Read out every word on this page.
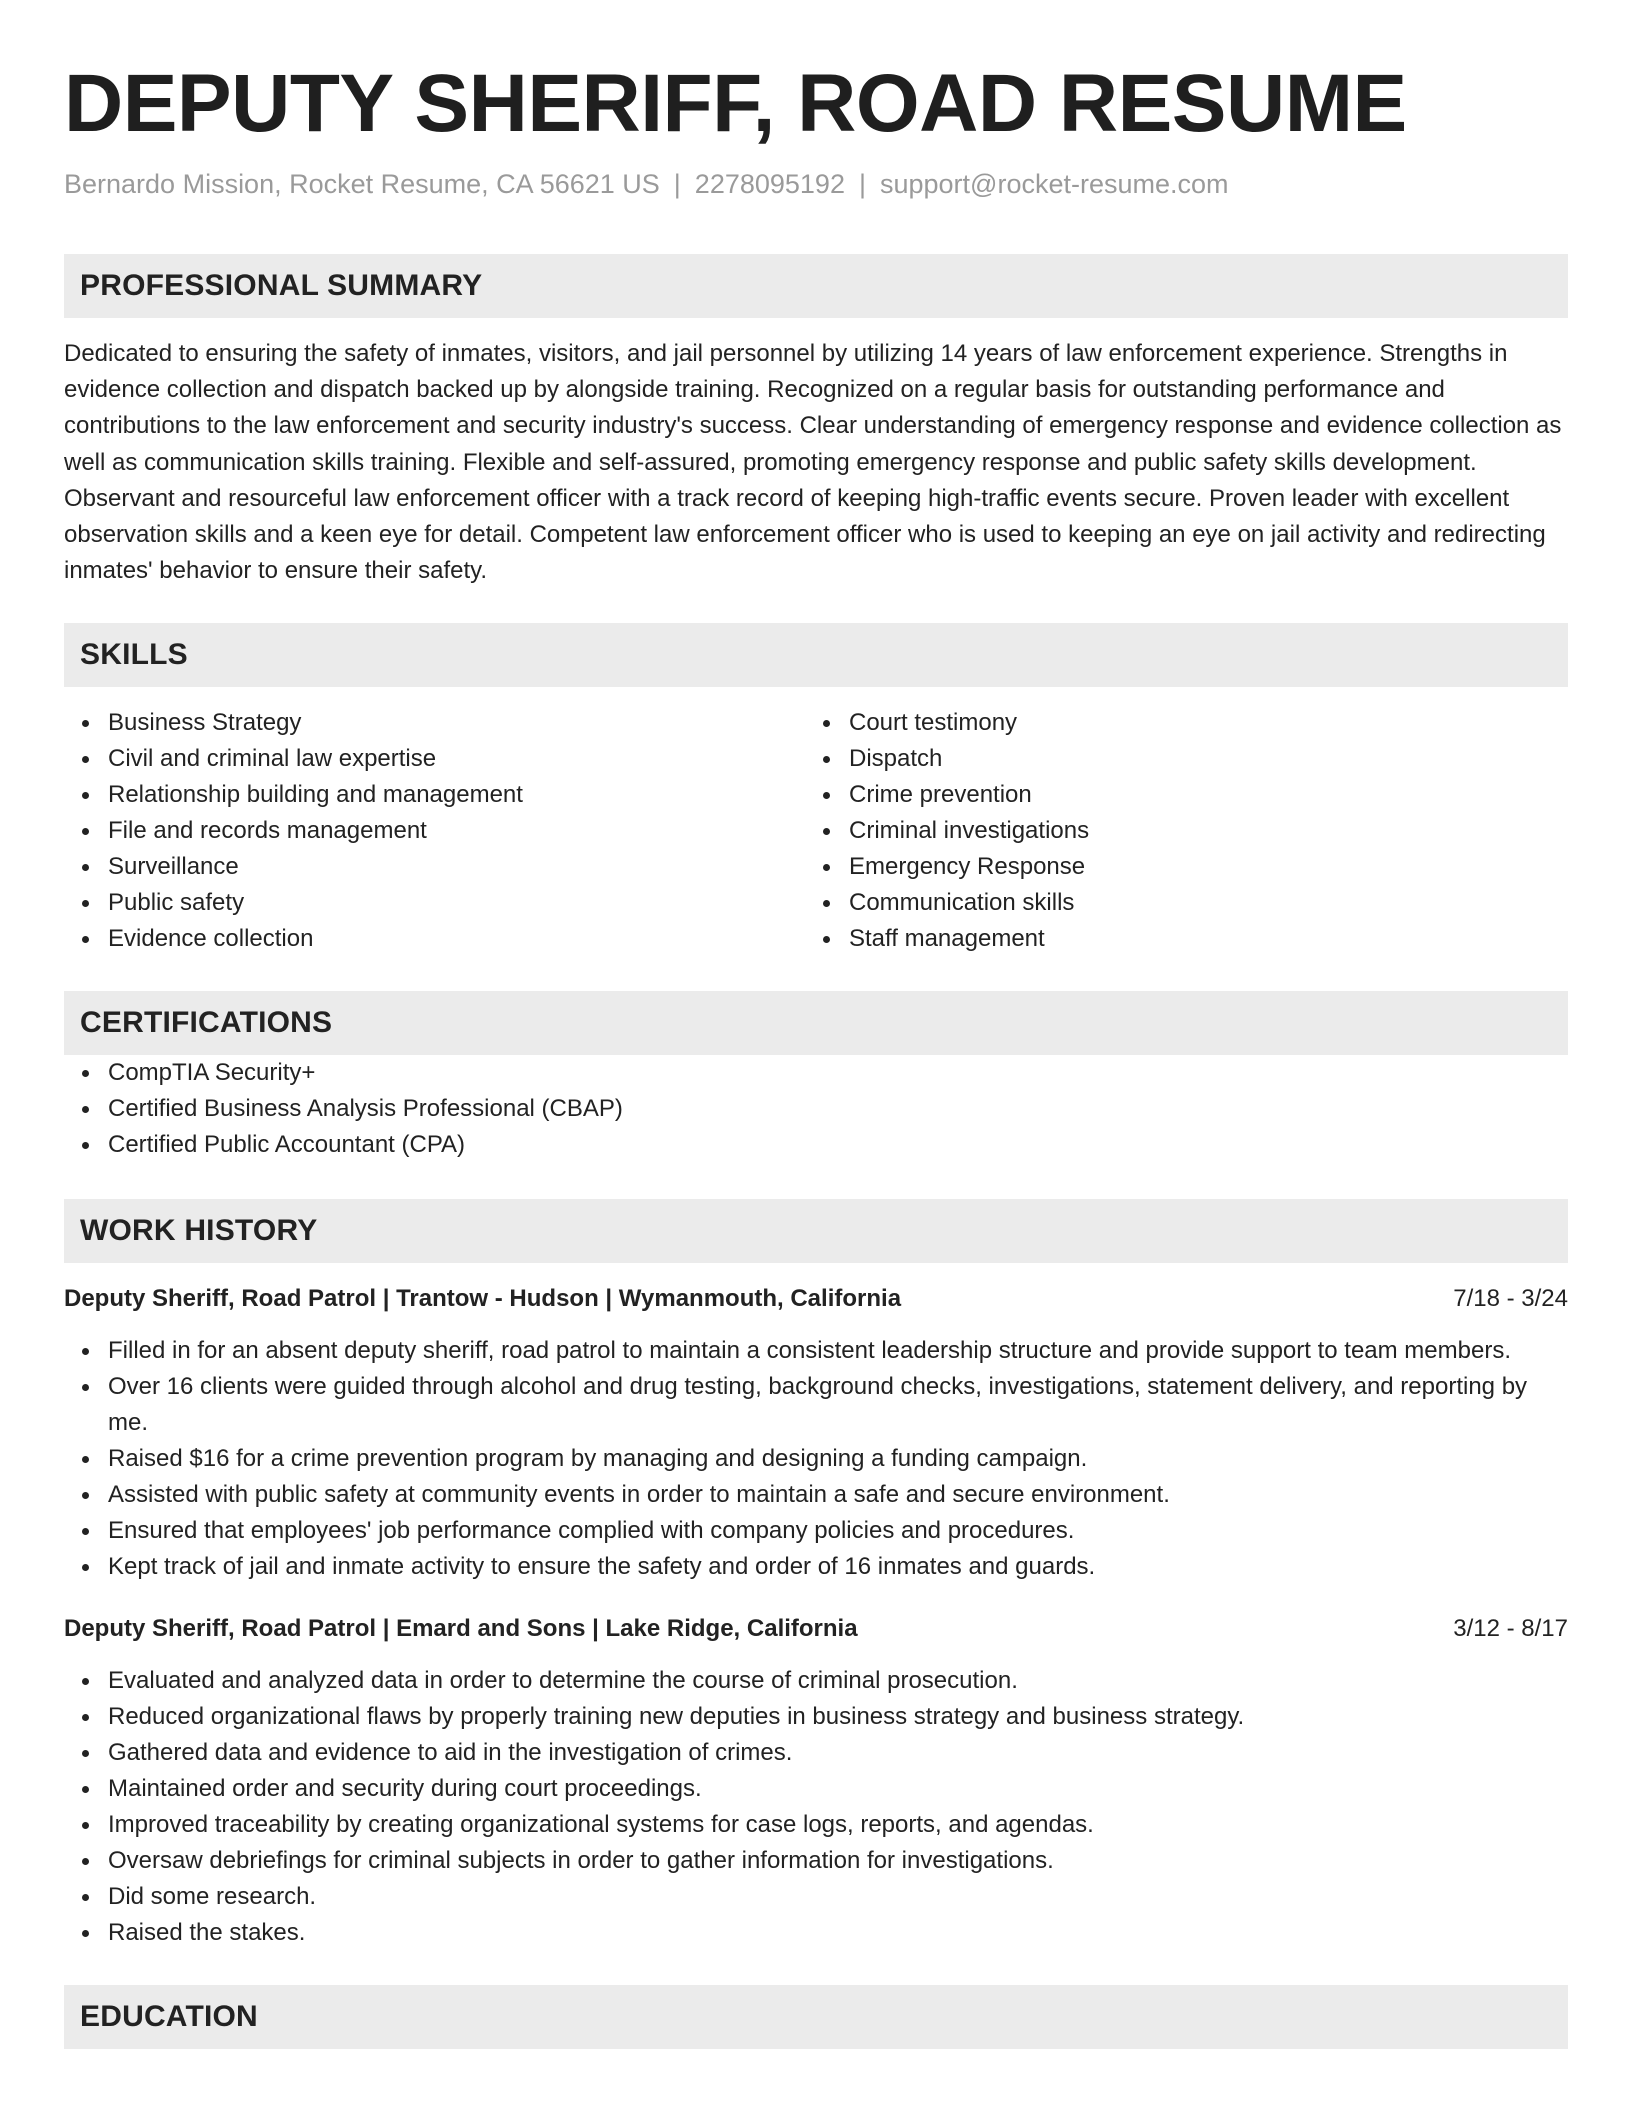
DEPUTY SHERIFF, ROAD RESUME
Bernardo Mission, Rocket Resume, CA 56621 US | 2278095192 | support@rocket-resume.com
PROFESSIONAL SUMMARY
Dedicated to ensuring the safety of inmates, visitors, and jail personnel by utilizing 14 years of law enforcement experience. Strengths in evidence collection and dispatch backed up by alongside training. Recognized on a regular basis for outstanding performance and contributions to the law enforcement and security industry's success. Clear understanding of emergency response and evidence collection as well as communication skills training. Flexible and self-assured, promoting emergency response and public safety skills development. Observant and resourceful law enforcement officer with a track record of keeping high-traffic events secure. Proven leader with excellent observation skills and a keen eye for detail. Competent law enforcement officer who is used to keeping an eye on jail activity and redirecting inmates' behavior to ensure their safety.
SKILLS
Business Strategy
Civil and criminal law expertise
Relationship building and management
File and records management
Surveillance
Public safety
Evidence collection
Court testimony
Dispatch
Crime prevention
Criminal investigations
Emergency Response
Communication skills
Staff management
CERTIFICATIONS
CompTIA Security+
Certified Business Analysis Professional (CBAP)
Certified Public Accountant (CPA)
WORK HISTORY
Deputy Sheriff, Road Patrol | Trantow - Hudson | Wymanmouth, California	7/18 - 3/24
Filled in for an absent deputy sheriff, road patrol to maintain a consistent leadership structure and provide support to team members.
Over 16 clients were guided through alcohol and drug testing, background checks, investigations, statement delivery, and reporting by me.
Raised $16 for a crime prevention program by managing and designing a funding campaign.
Assisted with public safety at community events in order to maintain a safe and secure environment.
Ensured that employees' job performance complied with company policies and procedures.
Kept track of jail and inmate activity to ensure the safety and order of 16 inmates and guards.
Deputy Sheriff, Road Patrol | Emard and Sons | Lake Ridge, California	3/12 - 8/17
Evaluated and analyzed data in order to determine the course of criminal prosecution.
Reduced organizational flaws by properly training new deputies in business strategy and business strategy.
Gathered data and evidence to aid in the investigation of crimes.
Maintained order and security during court proceedings.
Improved traceability by creating organizational systems for case logs, reports, and agendas.
Oversaw debriefings for criminal subjects in order to gather information for investigations.
Did some research.
Raised the stakes.
EDUCATION
